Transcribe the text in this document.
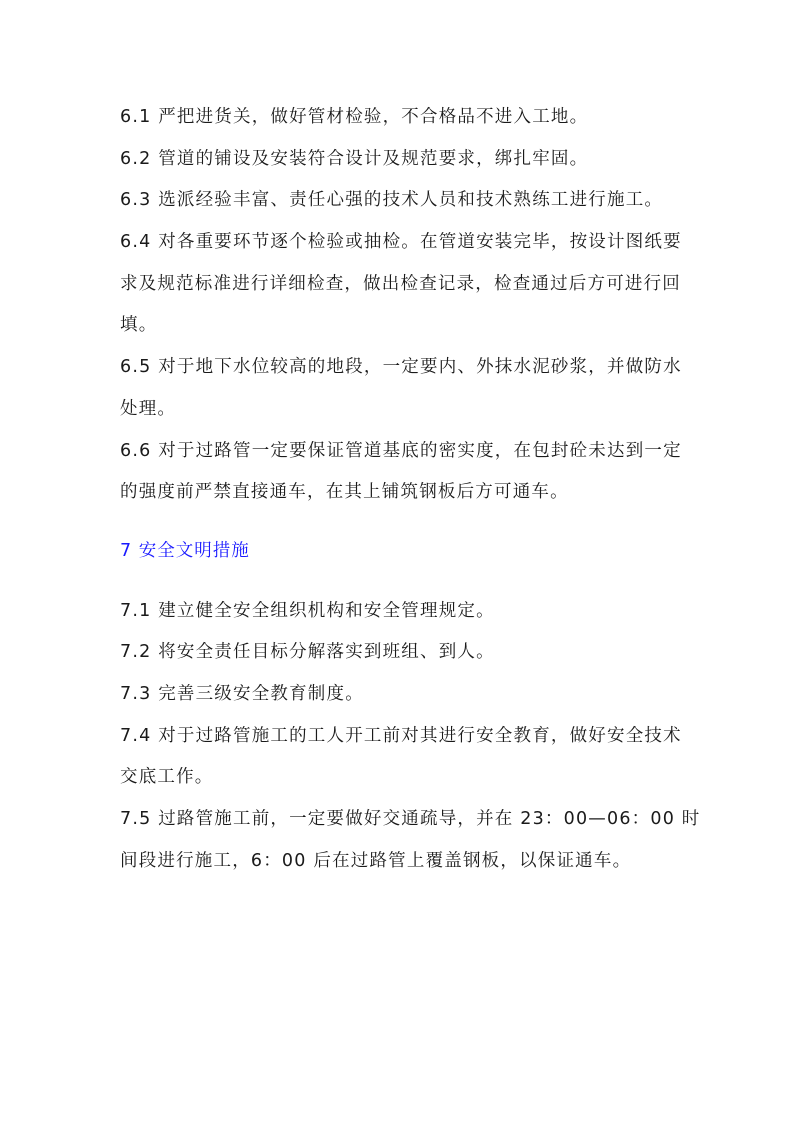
6.1 严把进货关，做好管材检验，不合格品不进入工地。
6.2 管道的铺设及安装符合设计及规范要求，绑扎牢固。
6.3 选派经验丰富、责任心强的技术人员和技术熟练工进行施工。
6.4 对各重要环节逐个检验或抽检。在管道安装完毕，按设计图纸要
求及规范标准进行详细检查，做出检查记录，检查通过后方可进行回
填。
6.5 对于地下水位较高的地段，一定要内、外抹水泥砂浆，并做防水
处理。
6.6 对于过路管一定要保证管道基底的密实度，在包封砼未达到一定
的强度前严禁直接通车，在其上铺筑钢板后方可通车。
7 安全文明措施
7.1 建立健全安全组织机构和安全管理规定。
7.2 将安全责任目标分解落实到班组、到人。
7.3 完善三级安全教育制度。
7.4 对于过路管施工的工人开工前对其进行安全教育，做好安全技术
交底工作。
7.5 过路管施工前，一定要做好交通疏导，并在 23：00—06：00 时
间段进行施工，6：00 后在过路管上覆盖钢板，以保证通车。
